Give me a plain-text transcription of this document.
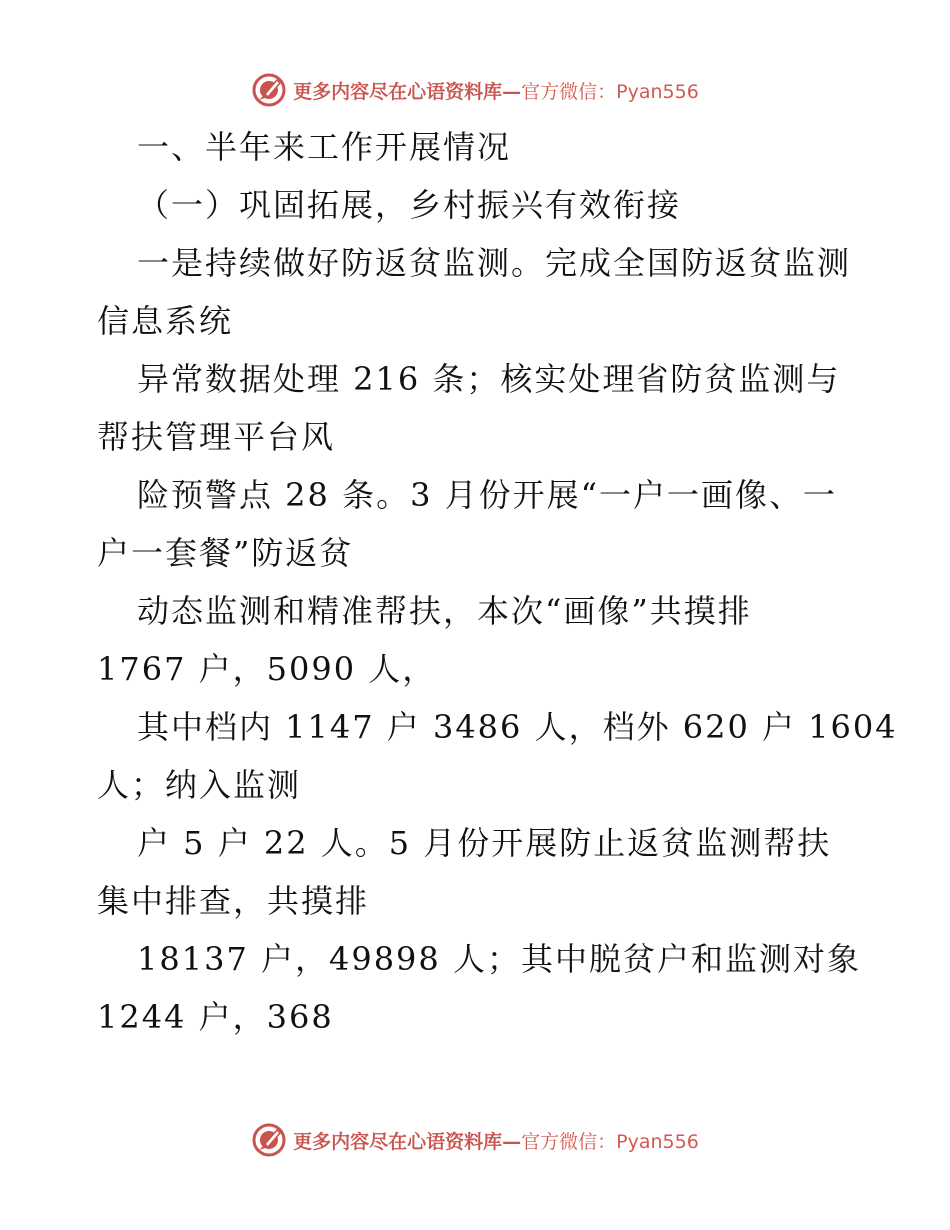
更多内容尽在心语资料库—官方微信：Pyan556
一、半年来工作开展情况
（一）巩固拓展，乡村振兴有效衔接
一是持续做好防返贫监测。完成全国防返贫监测
信息系统
异常数据处理 216 条；核实处理省防贫监测与
帮扶管理平台风
险预警点 28 条。3 月份开展“一户一画像、一
户一套餐”防返贫
动态监测和精准帮扶，本次“画像”共摸排
1767 户，5090 人，
其中档内 1147 户 3486 人，档外 620 户 1604
人；纳入监测
户 5 户 22 人。5 月份开展防止返贫监测帮扶
集中排查，共摸排
18137 户，49898 人；其中脱贫户和监测对象
1244 户，368
更多内容尽在心语资料库—官方微信：Pyan556
